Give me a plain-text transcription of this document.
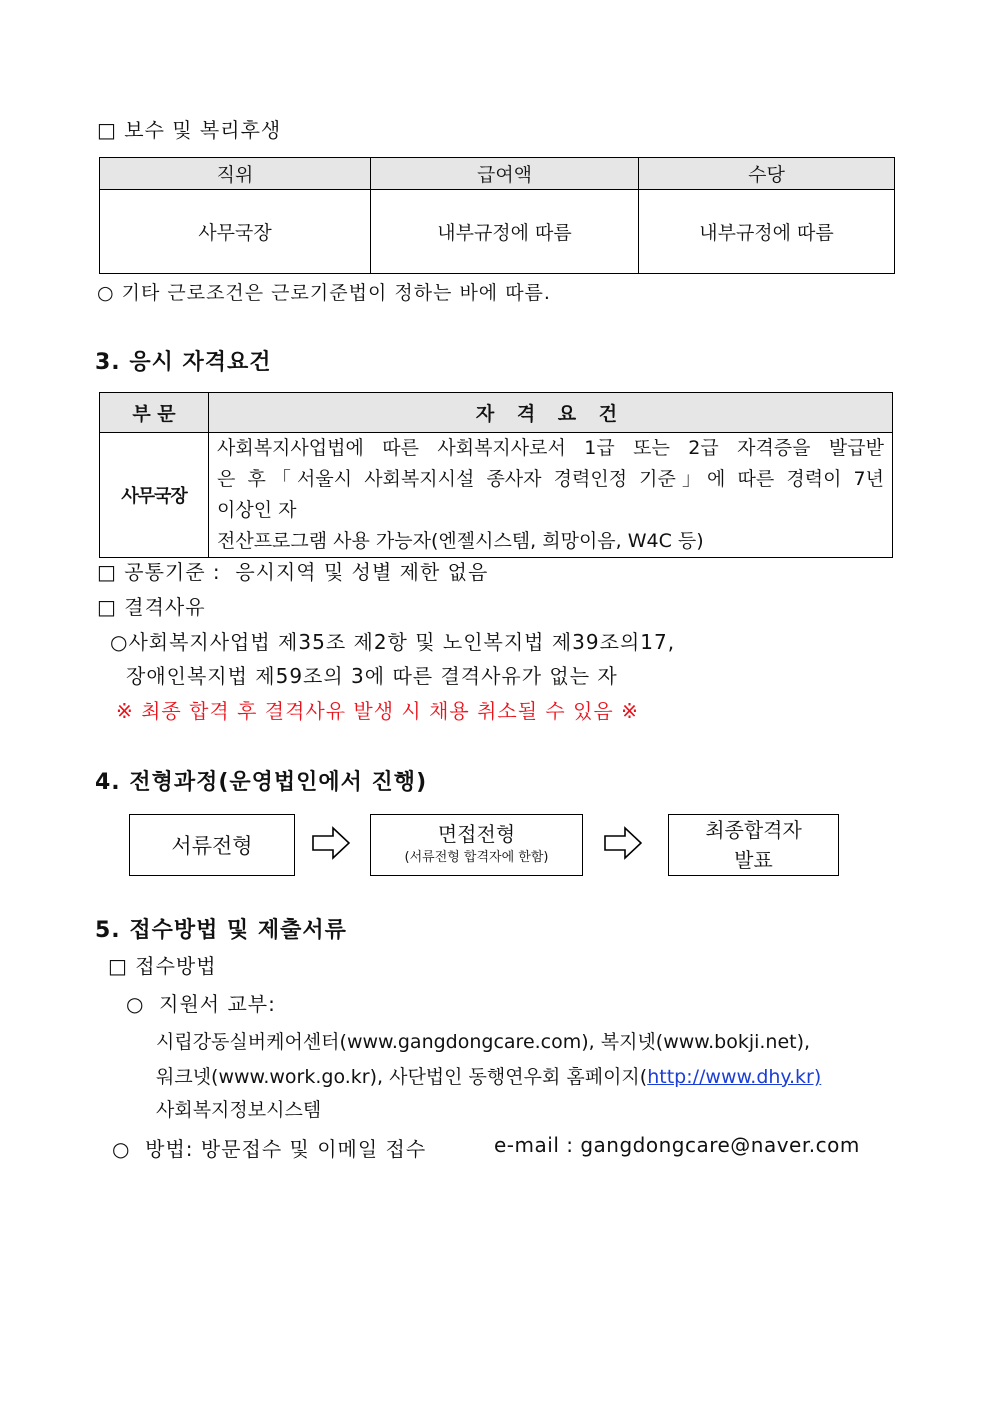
□ 보수 및 복리후생
직위	급여액	수당
사무국장	내부규정에 따름	내부규정에 따름
○ 기타 근로조건은 근로기준법이 정하는 바에 따름.
3. 응시 자격요건
부 문	자 격 요 건
사무국장	사회복지사업법에 따른 사회복지사로서 1급 또는 2급 자격증을 발급받
은 후「서울시 사회복지시설 종사자 경력인정 기준」에 따른 경력이 7년
이상인 자
전산프로그램 사용 가능자(엔젤시스템, 희망이음, W4C 등)
□ 공통기준 :  응시지역 및 성별 제한 없음
□ 결격사유
○사회복지사업법 제35조 제2항 및 노인복지법 제39조의17,
장애인복지법 제59조의 3에 따른 결격사유가 없는 자
※ 최종 합격 후 결격사유 발생 시 채용 취소될 수 있음 ※
4. 전형과정(운영법인에서 진행)
서류전형	면접전형
(서류전형 합격자에 한함)
최종합격자
발표
5. 접수방법 및 제출서류
□ 접수방법
○  지원서 교부:
시립강동실버케어센터(www.gangdongcare.com), 복지넷(www.bokji.net),
워크넷(www.work.go.kr), 사단법인 동행연우회 홈페이지(http://www.dhy.kr)
사회복지정보시스템
○  방법: 방문접수 및 이메일 접수	e-mail : gangdongcare@naver.com
